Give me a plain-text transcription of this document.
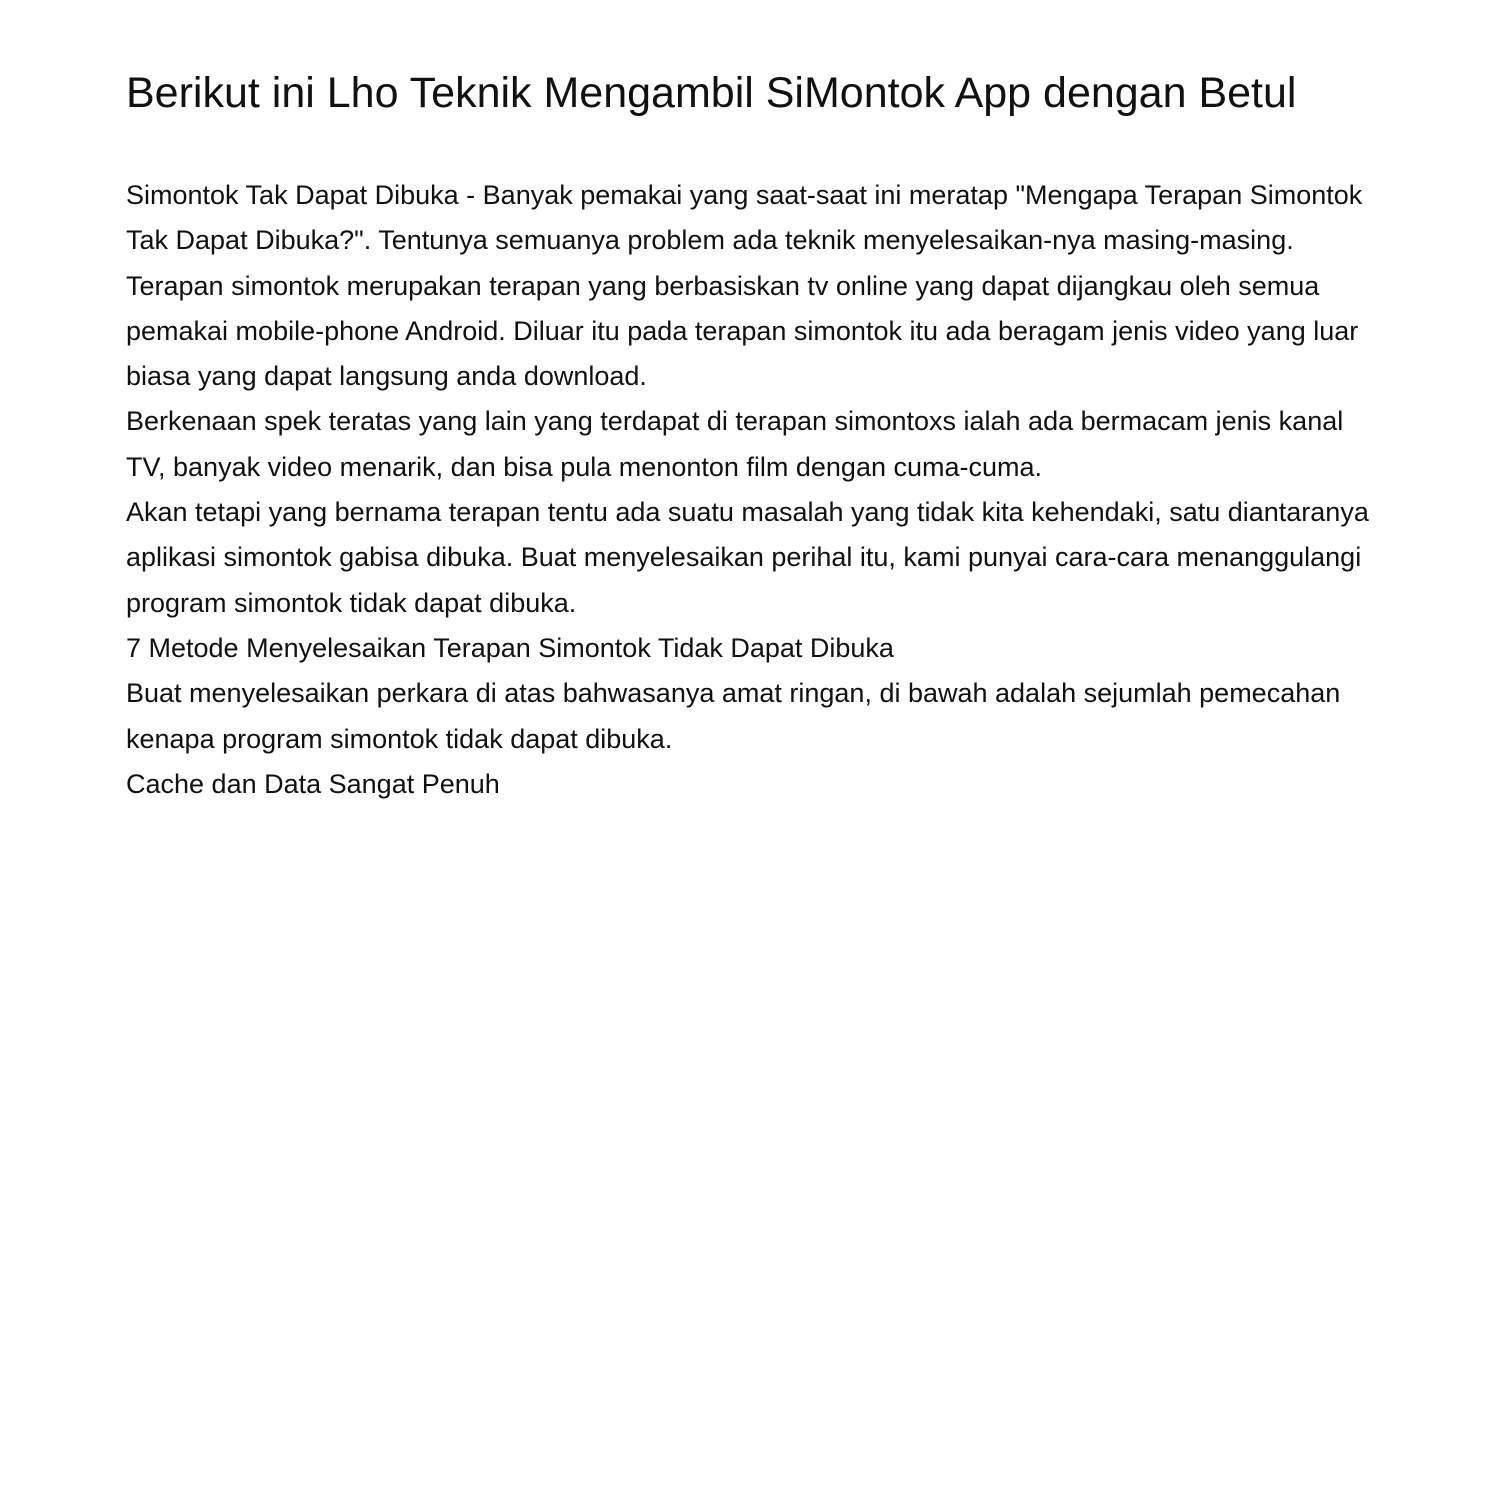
Berikut ini Lho Teknik Mengambil SiMontok App dengan Betul

Simontok Tak Dapat Dibuka - Banyak pemakai yang saat-saat ini meratap "Mengapa Terapan Simontok Tak Dapat Dibuka?". Tentunya semuanya problem ada teknik menyelesaikan-nya masing-masing.

Terapan simontok merupakan terapan yang berbasiskan tv online yang dapat dijangkau oleh semua pemakai mobile-phone Android. Diluar itu pada terapan simontok itu ada beragam jenis video yang luar biasa yang dapat langsung anda download.

Berkenaan spek teratas yang lain yang terdapat di terapan simontoxs ialah ada bermacam jenis kanal TV, banyak video menarik, dan bisa pula menonton film dengan cuma-cuma.

Akan tetapi yang bernama terapan tentu ada suatu masalah yang tidak kita kehendaki, satu diantaranya aplikasi simontok gabisa dibuka. Buat menyelesaikan perihal itu, kami punyai cara-cara menanggulangi program simontok tidak dapat dibuka.

7 Metode Menyelesaikan Terapan Simontok Tidak Dapat Dibuka

Buat menyelesaikan perkara di atas bahwasanya amat ringan, di bawah adalah sejumlah pemecahan kenapa program simontok tidak dapat dibuka.

Cache dan Data Sangat Penuh
